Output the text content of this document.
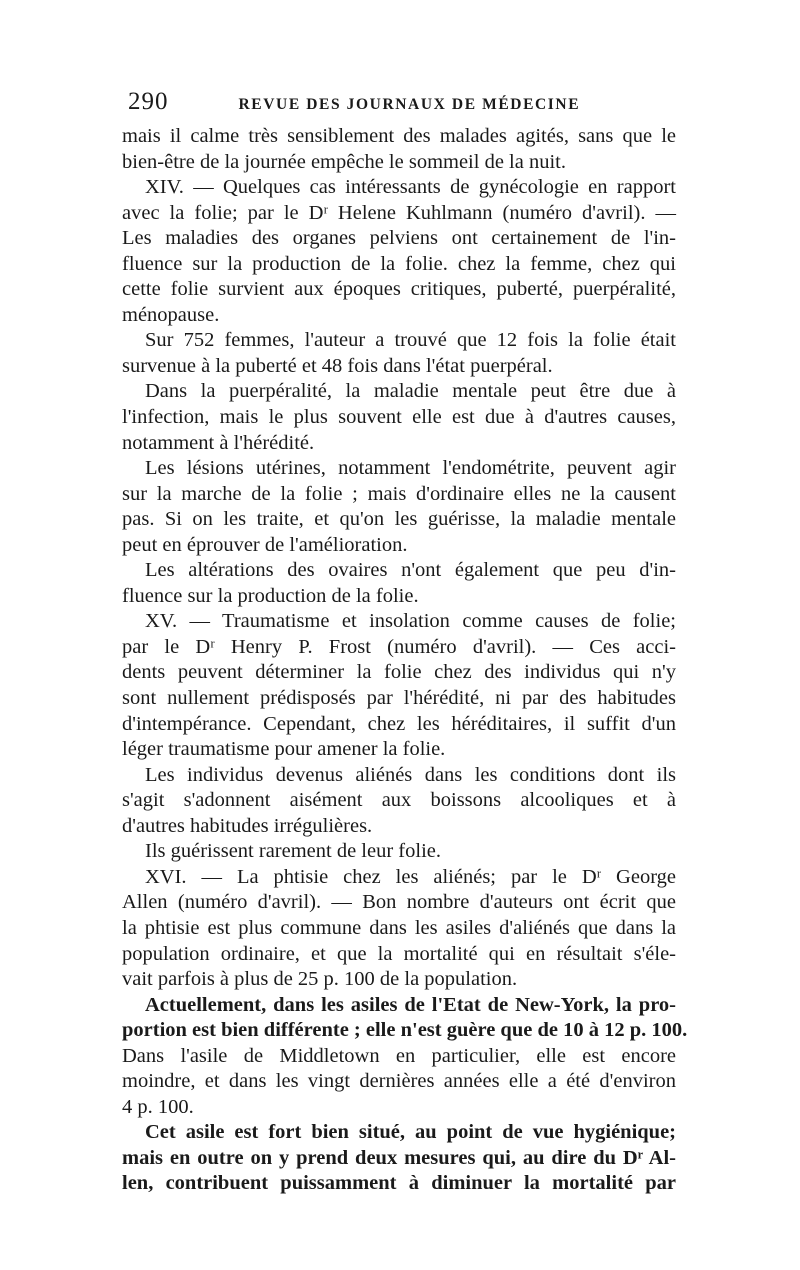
290	REVUE DES JOURNAUX DE MÉDECINE
mais il calme très sensiblement des malades agités, sans que le
bien-être de la journée empêche le sommeil de la nuit.
XIV. — Quelques cas intéressants de gynécologie en rapport
avec la folie; par le Dʳ Helene Kuhlmann (numéro d'avril). —
Les maladies des organes pelviens ont certainement de l'in-
fluence sur la production de la folie. chez la femme, chez qui
cette folie survient aux époques critiques, puberté, puerpéralité,
ménopause.
Sur 752 femmes, l'auteur a trouvé que 12 fois la folie était
survenue à la puberté et 48 fois dans l'état puerpéral.
Dans la puerpéralité, la maladie mentale peut être due à
l'infection, mais le plus souvent elle est due à d'autres causes,
notamment à l'hérédité.
Les lésions utérines, notamment l'endométrite, peuvent agir
sur la marche de la folie ; mais d'ordinaire elles ne la causent
pas. Si on les traite, et qu'on les guérisse, la maladie mentale
peut en éprouver de l'amélioration.
Les altérations des ovaires n'ont également que peu d'in-
fluence sur la production de la folie.
XV. — Traumatisme et insolation comme causes de folie;
par le Dʳ Henry P. Frost (numéro d'avril). — Ces acci-
dents peuvent déterminer la folie chez des individus qui n'y
sont nullement prédisposés par l'hérédité, ni par des habitudes
d'intempérance. Cependant, chez les héréditaires, il suffit d'un
léger traumatisme pour amener la folie.
Les individus devenus aliénés dans les conditions dont ils
s'agit s'adonnent aisément aux boissons alcooliques et à
d'autres habitudes irrégulières.
Ils guérissent rarement de leur folie.
XVI. — La phtisie chez les aliénés; par le Dʳ George
Allen (numéro d'avril). — Bon nombre d'auteurs ont écrit que
la phtisie est plus commune dans les asiles d'aliénés que dans la
population ordinaire, et que la mortalité qui en résultait s'éle-
vait parfois à plus de 25 p. 100 de la population.
Actuellement, dans les asiles de l'Etat de New-York, la pro-
portion est bien différente ; elle n'est guère que de 10 à 12 p. 100.
Dans l'asile de Middletown en particulier, elle est encore
moindre, et dans les vingt dernières années elle a été d'environ
4 p. 100.
Cet asile est fort bien situé, au point de vue hygiénique;
mais en outre on y prend deux mesures qui, au dire du Dʳ Al-
len, contribuent puissamment à diminuer la mortalité par
